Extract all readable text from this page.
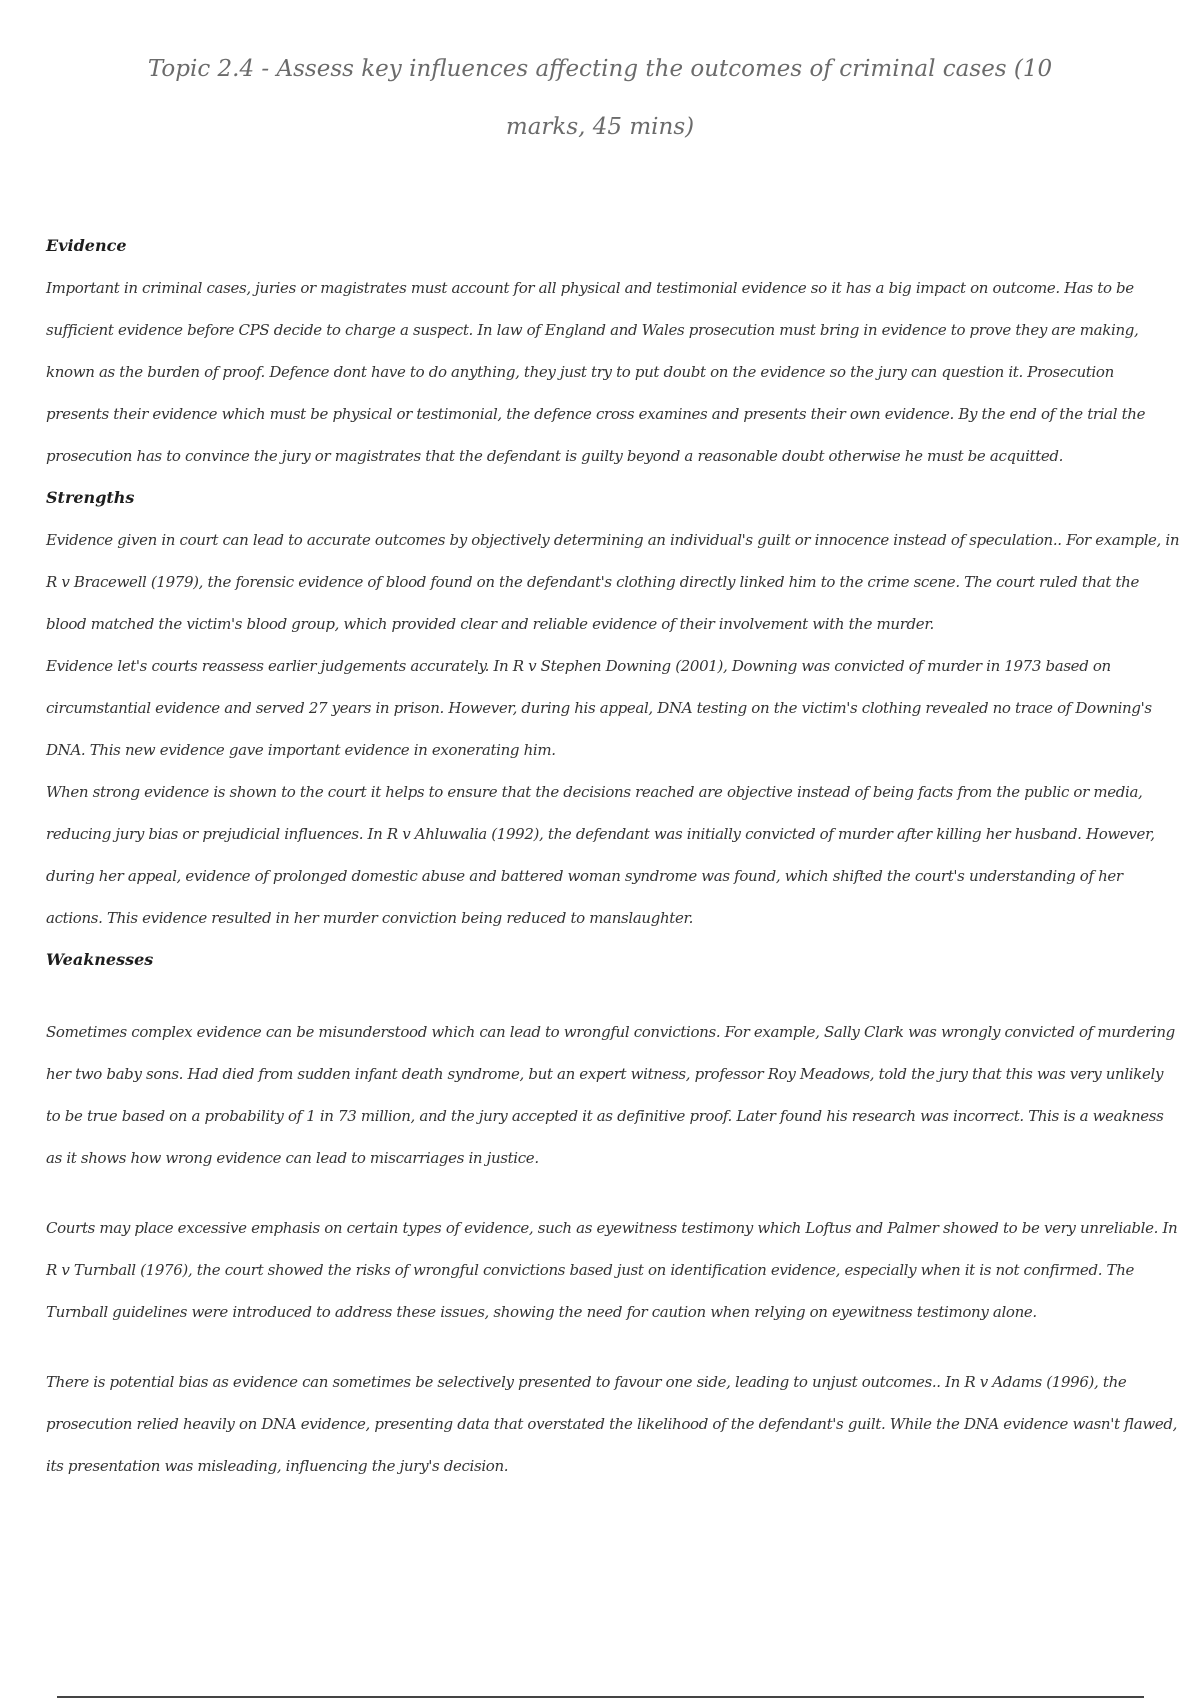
Topic 2.4 - Assess key influences affecting the outcomes of criminal cases (10 marks, 45 mins)
Evidence

Important in criminal cases, juries or magistrates must account for all physical and testimonial evidence so it has a big impact on outcome. Has to be sufficient evidence before CPS decide to charge a suspect. In law of England and Wales prosecution must bring in evidence to prove they are making, known as the burden of proof. Defence dont have to do anything, they just try to put doubt on the evidence so the jury can question it. Prosecution presents their evidence which must be physical or testimonial, the defence cross examines and presents their own evidence. By the end of the trial the prosecution has to convince the jury or magistrates that the defendant is guilty beyond a reasonable doubt otherwise he must be acquitted.

Strengths

Evidence given in court can lead to accurate outcomes by objectively determining an individual's guilt or innocence instead of speculation.. For example, in R v Bracewell (1979), the forensic evidence of blood found on the defendant's clothing directly linked him to the crime scene. The court ruled that the blood matched the victim's blood group, which provided clear and reliable evidence of their involvement with the murder.

Evidence let's courts reassess earlier judgements accurately. In R v Stephen Downing (2001), Downing was convicted of murder in 1973 based on circumstantial evidence and served 27 years in prison. However, during his appeal, DNA testing on the victim's clothing revealed no trace of Downing's DNA. This new evidence gave important evidence in exonerating him.

When strong evidence is shown to the court it helps to ensure that the decisions reached are objective instead of being facts from the public or media, reducing jury bias or prejudicial influences. In R v Ahluwalia (1992), the defendant was initially convicted of murder after killing her husband. However, during her appeal, evidence of prolonged domestic abuse and battered woman syndrome was found, which shifted the court's understanding of her actions. This evidence resulted in her murder conviction being reduced to manslaughter.

Weaknesses

Sometimes complex evidence can be misunderstood which can lead to wrongful convictions. For example, Sally Clark was wrongly convicted of murdering her two baby sons. Had died from sudden infant death syndrome, but an expert witness, professor Roy Meadows, told the jury that this was very unlikely to be true based on a probability of 1 in 73 million, and the jury accepted it as definitive proof. Later found his research was incorrect. This is a weakness as it shows how wrong evidence can lead to miscarriages in justice.

Courts may place excessive emphasis on certain types of evidence, such as eyewitness testimony which Loftus and Palmer showed to be very unreliable. In R v Turnball (1976), the court showed the risks of wrongful convictions based just on identification evidence, especially when it is not confirmed. The Turnball guidelines were introduced to address these issues, showing the need for caution when relying on eyewitness testimony alone.

There is potential bias as evidence can sometimes be selectively presented to favour one side, leading to unjust outcomes.. In R v Adams (1996), the prosecution relied heavily on DNA evidence, presenting data that overstated the likelihood of the defendant's guilt. While the DNA evidence wasn't flawed, its presentation was misleading, influencing the jury's decision.
